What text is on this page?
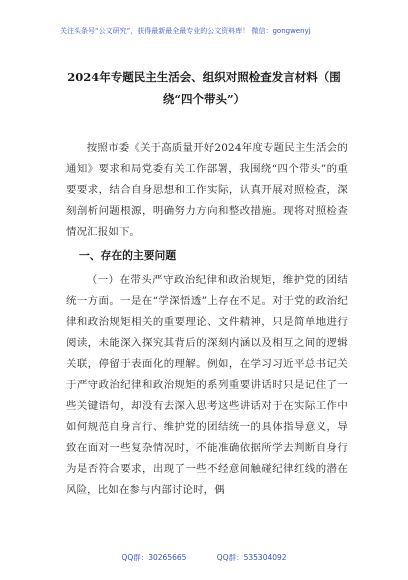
关注头条号“公文研究”，获得最新最全最专业的公文资料库！ 微信：gongwenyj
2024年专题民主生活会、组织对照检查发言材料（围绕“四个带头”）

按照市委《关于高质量开好2024年度专题民主生活会的通知》要求和局党委有关工作部署，我围绕“四个带头”的重要要求，结合自身思想和工作实际，认真开展对照检查，深刻剖析问题根源，明确努力方向和整改措施。现将对照检查情况汇报如下。

一、存在的主要问题

（一）在带头严守政治纪律和政治规矩，维护党的团结统一方面。一是在“学深悟透”上存在不足。对于党的政治纪律和政治规矩相关的重要理论、文件精神，只是简单地进行阅读，未能深入探究其背后的深刻内涵以及相互之间的逻辑关联，停留于表面化的理解。例如，在学习习近平总书记关于严守政治纪律和政治规矩的系列重要讲话时只是记住了一些关键语句，却没有去深入思考这些讲话对于在实际工作中如何规范自身言行、维护党的团结统一的具体指导意义，导致在面对一些复杂情况时，不能准确依据所学去判断自身行为是否符合要求，出现了一些不经意间触碰纪律红线的潜在风险，比如在参与内部讨论时，偶

QQ群：30265665	QQ群：535304092
